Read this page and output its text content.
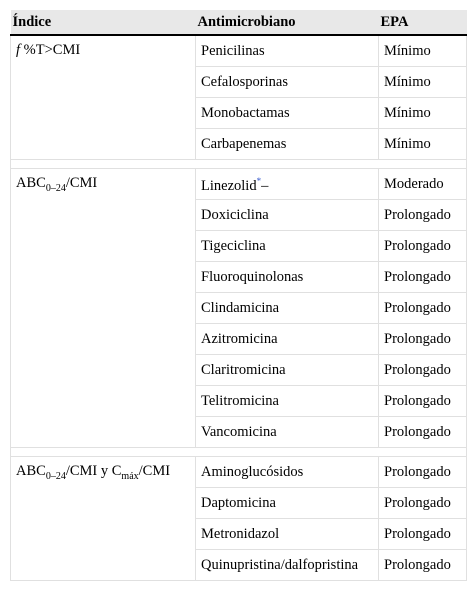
Índice	Antimicrobiano	EPA
f %T>CMI	Penicilinas	Mínimo
	Cefalosporinas	Mínimo
	Monobactamas	Mínimo
	Carbapenemas	Mínimo

$ABC_{0-24}$/CMI	Linezolid*–	Moderado
	Doxiciclina	Prolongado
	Tigeciclina	Prolongado
	Fluoroquinolonas	Prolongado
	Clindamicina	Prolongado
	Azitromicina	Prolongado
	Claritromicina	Prolongado
	Telitromicina	Prolongado
	Vancomicina	Prolongado

$ABC_{0-24}$/CMI y $C_{máx}$/CMI	Aminoglucósidos	Prolongado
	Daptomicina	Prolongado
	Metronidazol	Prolongado
	Quinupristina/dalfopristina	Prolongado
